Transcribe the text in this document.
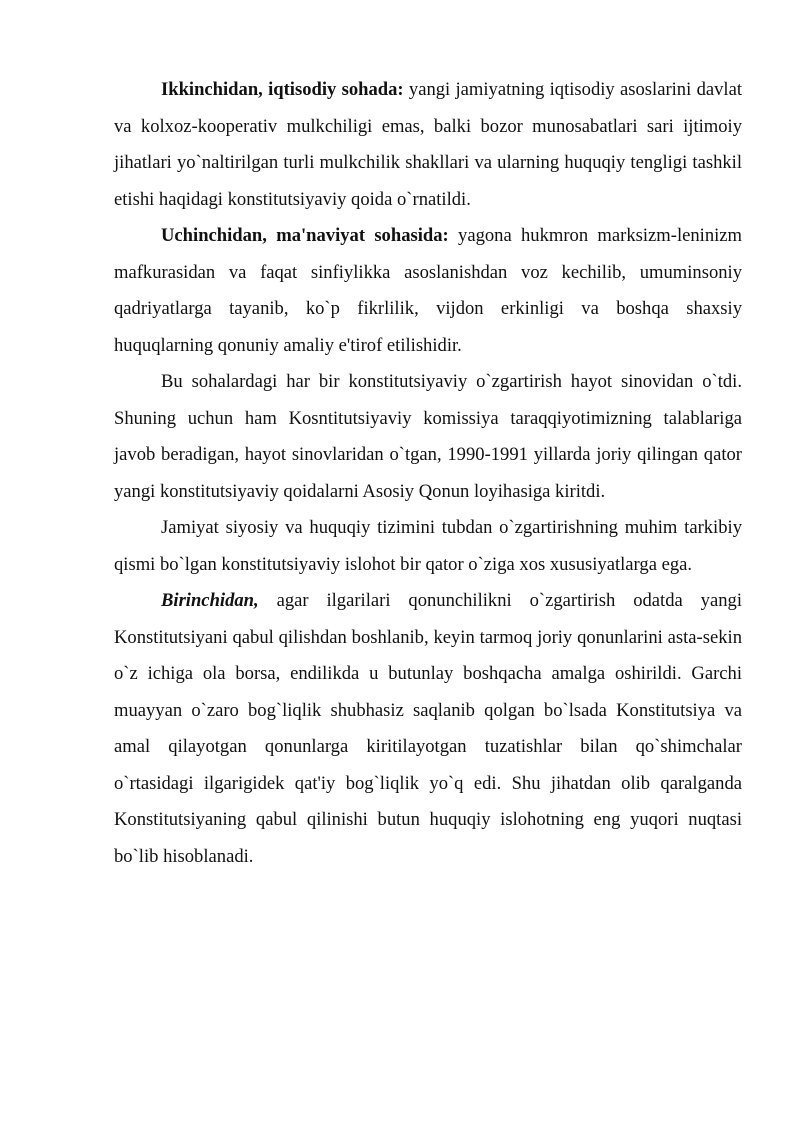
Ikkinchidan, iqtisodiy sohada: yangi jamiyatning iqtisodiy asoslarini davlat va kolxoz-kooperativ mulkchiligi emas, balki bozor munosabatlari sari ijtimoiy jihatlari yo`naltirilgan turli mulkchilik shakllari va ularning huquqiy tengligi tashkil etishi haqidagi konstitutsiyaviy qoida o`rnatildi.

Uchinchidan, ma'naviyat sohasida: yagona hukmron marksizm-leninizm mafkurasidan va faqat sinfiylikka asoslanishdan voz kechilib, umuminsoniy qadriyatlarga tayanib, ko`p fikrlilik, vijdon erkinligi va boshqa shaxsiy huquqlarning qonuniy amaliy e'tirof etilishidir.

Bu sohalardagi har bir konstitutsiyaviy o`zgartirish hayot sinovidan o`tdi. Shuning uchun ham Kosntitutsiyaviy komissiya taraqqiyotimizning talablariga javob beradigan, hayot sinovlaridan o`tgan, 1990-1991 yillarda joriy qilingan qator yangi konstitutsiyaviy qoidalarni Asosiy Qonun loyihasiga kiritdi.

Jamiyat siyosiy va huquqiy tizimini tubdan o`zgartirishning muhim tarkibiy qismi bo`lgan konstitutsiyaviy islohot bir qator o`ziga xos xususiyatlarga ega.

Birinchidan, agar ilgarilari qonunchilikni o`zgartirish odatda yangi Konstitutsiyani qabul qilishdan boshlanib, keyin tarmoq joriy qonunlarini asta-sekin o`z ichiga ola borsa, endilikda u butunlay boshqacha amalga oshirildi. Garchi muayyan o`zaro bog`liqlik shubhasiz saqlanib qolgan bo`lsada Konstitutsiya va amal qilayotgan qonunlarga kiritilayotgan tuzatishlar bilan qo`shimchalar o`rtasidagi ilgarigidek qat'iy bog`liqlik yo`q edi. Shu jihatdan olib qaralganda Konstitutsiyaning qabul qilinishi butun huquqiy islohotning eng yuqori nuqtasi bo`lib hisoblanadi.
